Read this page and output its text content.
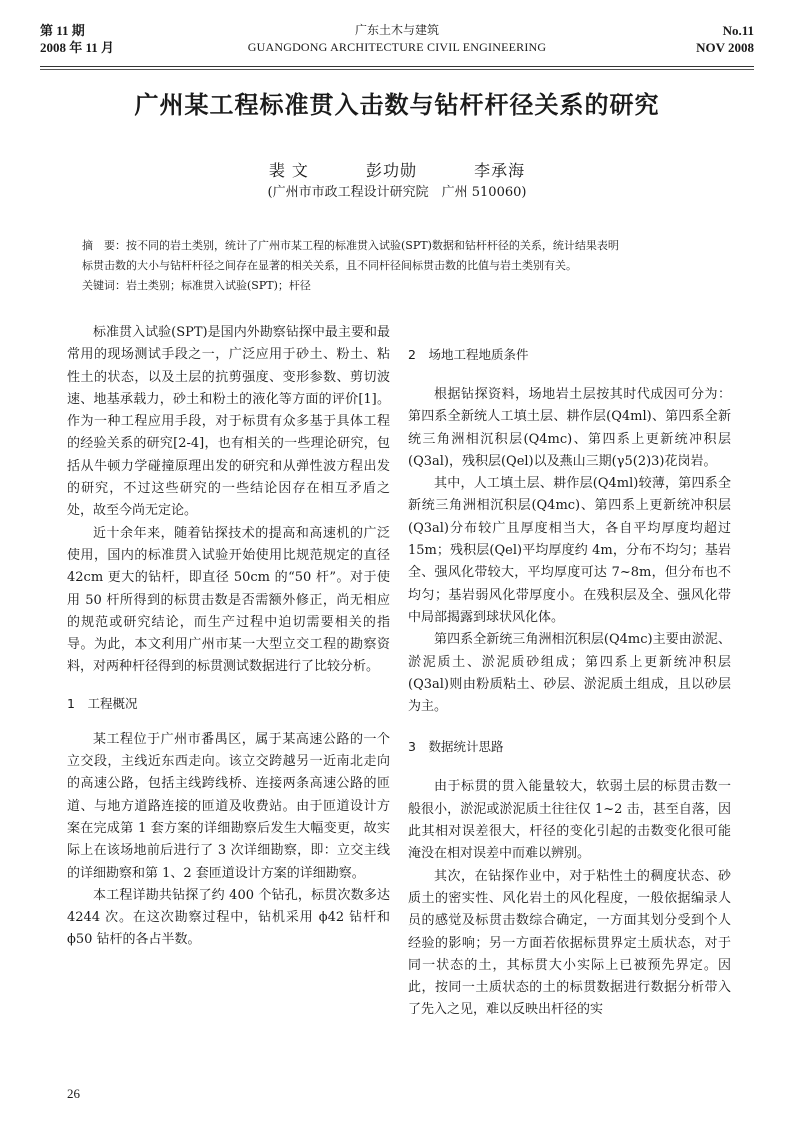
第 11 期
2008 年 11 月
广东土木与建筑
GUANGDONG ARCHITECTURE CIVIL ENGINEERING
No.11
NOV 2008
广州某工程标准贯入击数与钻杆杆径关系的研究
裴 文	彭功勋	李承海
(广州市市政工程设计研究院　广州 510060)
摘　要：按不同的岩土类别，统计了广州市某工程的标准贯入试验(SPT)数据和钻杆杆径的关系，统计结果表明
标贯击数的大小与钻杆杆径之间存在显著的相关关系，且不同杆径间标贯击数的比值与岩土类别有关。
关键词：岩土类别；标准贯入试验(SPT)；杆径

标准贯入试验(SPT)是国内外勘察钻探中最主要和最常用的现场测试手段之一，广泛应用于砂土、粉土、粘性土的状态，以及土层的抗剪强度、变形参数、剪切波速、地基承载力，砂土和粉土的液化等方面的评价[1]。作为一种工程应用手段，对于标贯有众多基于具体工程的经验关系的研究[2-4]，也有相关的一些理论研究，包括从牛顿力学碰撞原理出发的研究和从弹性波方程出发的研究，不过这些研究的一些结论因存在相互矛盾之处，故至今尚无定论。

近十余年来，随着钻探技术的提高和高速机的广泛使用，国内的标准贯入试验开始使用比规范规定的直径 42cm 更大的钻杆，即直径 50cm 的“50 杆”。对于使用 50 杆所得到的标贯击数是否需额外修正，尚无相应的规范或研究结论，而生产过程中迫切需要相关的指导。为此，本文利用广州市某一大型立交工程的勘察资料，对两种杆径得到的标贯测试数据进行了比较分析。

1　工程概况

某工程位于广州市番禺区，属于某高速公路的一个立交段，主线近东西走向。该立交跨越另一近南北走向的高速公路，包括主线跨线桥、连接两条高速公路的匝道、与地方道路连接的匝道及收费站。由于匝道设计方案在完成第 1 套方案的详细勘察后发生大幅变更，故实际上在该场地前后进行了 3 次详细勘察，即：立交主线的详细勘察和第 1、2 套匝道设计方案的详细勘察。

本工程详勘共钻探了约 400 个钻孔，标贯次数多达 4244 次。在这次勘察过程中，钻机采用 ϕ42 钻杆和 ϕ50 钻杆的各占半数。

2　场地工程地质条件

根据钻探资料，场地岩土层按其时代成因可分为：第四系全新统人工填土层、耕作层(Q4ml)、第四系全新统三角洲相沉积层(Q4mc)、第四系上更新统冲积层(Q3al)，残积层(Qel)以及燕山三期(γ5(2)3)花岗岩。

其中，人工填土层、耕作层(Q4ml)较薄，第四系全新统三角洲相沉积层(Q4mc)、第四系上更新统冲积层(Q3al)分布较广且厚度相当大，各自平均厚度均超过 15m；残积层(Qel)平均厚度约 4m，分布不均匀；基岩全、强风化带较大，平均厚度可达 7~8m，但分布也不均匀；基岩弱风化带厚度小。在残积层及全、强风化带中局部揭露到球状风化体。

第四系全新统三角洲相沉积层(Q4mc)主要由淤泥、淤泥质土、淤泥质砂组成；第四系上更新统冲积层(Q3al)则由粉质粘土、砂层、淤泥质土组成，且以砂层为主。

3　数据统计思路

由于标贯的贯入能量较大，软弱土层的标贯击数一般很小，淤泥或淤泥质土往往仅 1~2 击，甚至自落，因此其相对误差很大，杆径的变化引起的击数变化很可能淹没在相对误差中而难以辨别。

其次，在钻探作业中，对于粘性土的稠度状态、砂质土的密实性、风化岩土的风化程度，一般依据编录人员的感觉及标贯击数综合确定，一方面其划分受到个人经验的影响；另一方面若依据标贯界定土质状态，对于同一状态的土，其标贯大小实际上已被预先界定。因此，按同一土质状态的土的标贯数据进行数据分析带入了先入之见，难以反映出杆径的实

26
